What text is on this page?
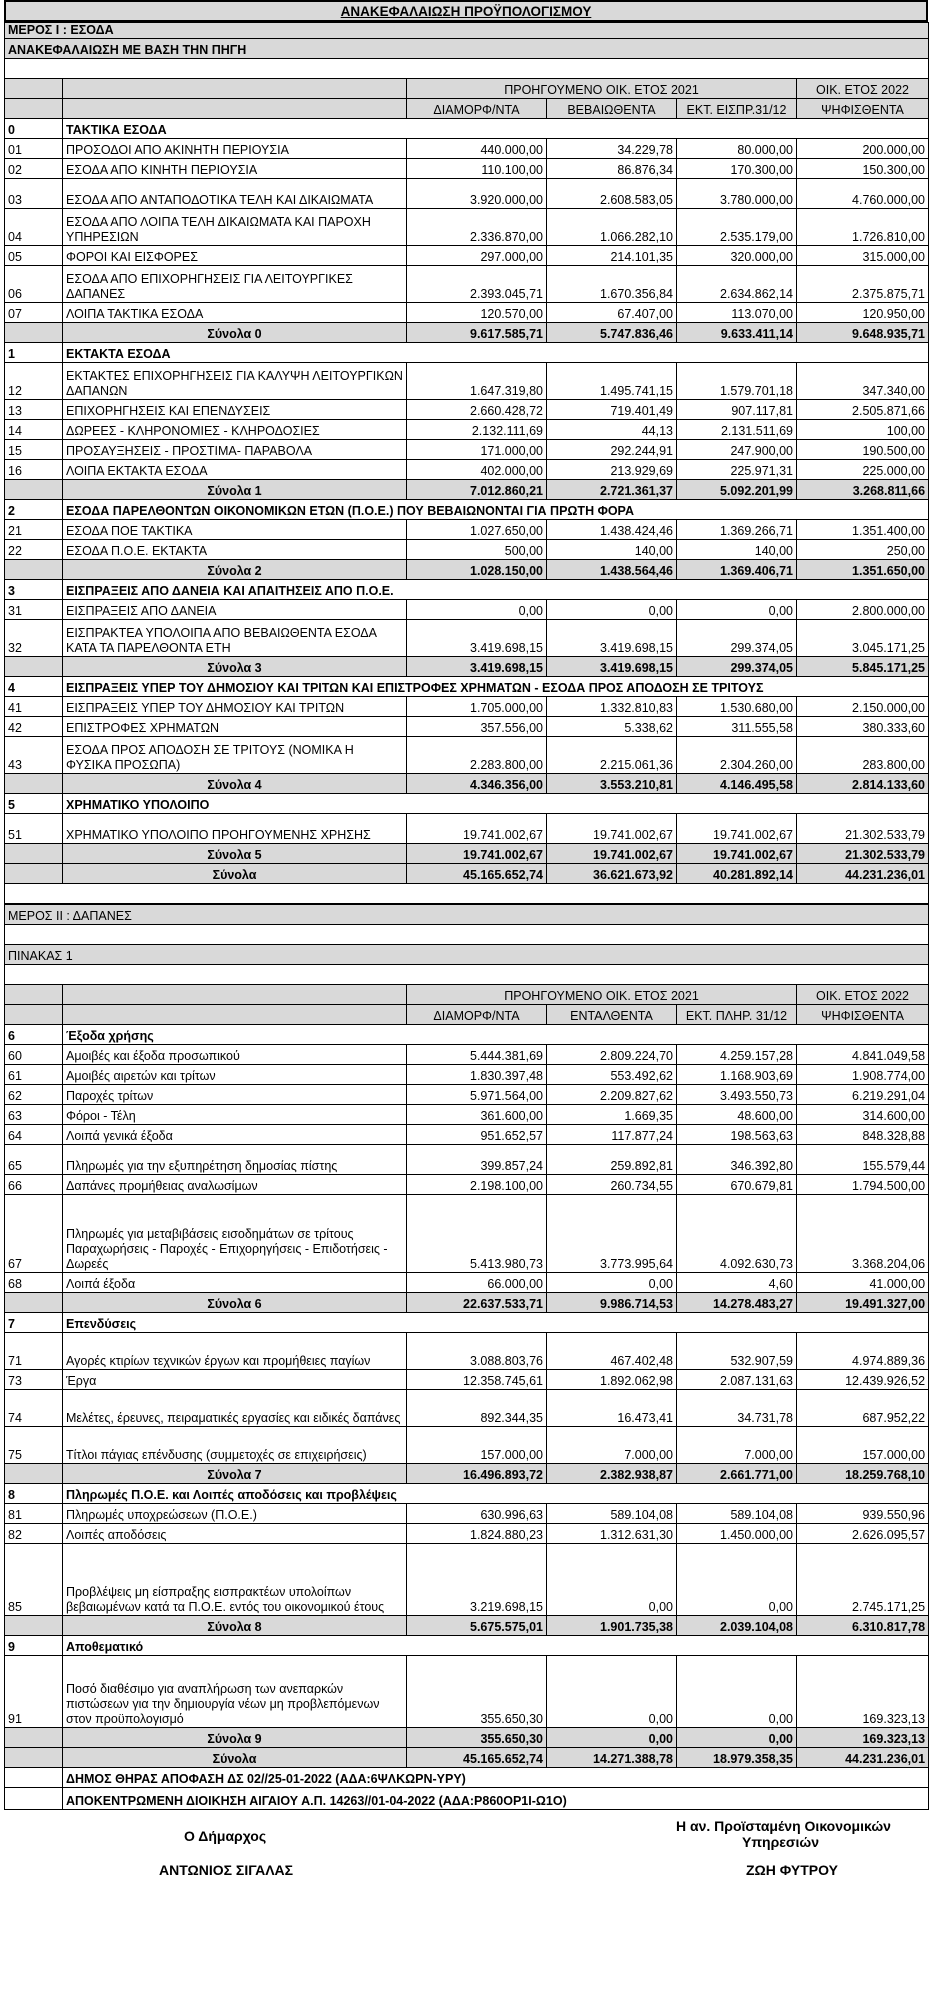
ΑΝΑΚΕΦΑΛΑΙΩΣΗ ΠΡΟΫΠΟΛΟΓΙΣΜΟΥ
ΜΕΡΟΣ Ι : ΕΣΟΔΑ					
ΑΝΑΚΕΦΑΛΑΙΩΣΗ ΜΕ ΒΑΣΗ ΤΗΝ ΠΗΓΗ					

		ΠΡΟΗΓΟΥΜΕΝΟ ΟΙΚ. ΕΤΟΣ 2021			ΟΙΚ. ΕΤΟΣ 2022
		ΔΙΑΜΟΡΦ/ΝΤΑ	ΒΕΒΑΙΩΘΕΝΤΑ	ΕΚΤ. ΕΙΣΠΡ.31/12	ΨΗΦΙΣΘΕΝΤΑ
0	ΤΑΚΤΙΚΑ ΕΣΟΔΑ				
01	ΠΡΟΣΟΔΟΙ ΑΠΟ ΑΚΙΝΗΤΗ ΠΕΡΙΟΥΣΙΑ	440.000,00	34.229,78	80.000,00	200.000,00
02	ΕΣΟΔΑ ΑΠΟ ΚΙΝΗΤΗ ΠΕΡΙΟΥΣΙΑ	110.100,00	86.876,34	170.300,00	150.300,00
03	ΕΣΟΔΑ ΑΠΟ ΑΝΤΑΠΟΔΟΤΙΚΑ ΤΕΛΗ ΚΑΙ ΔΙΚΑΙΩΜΑΤΑ	3.920.000,00	2.608.583,05	3.780.000,00	4.760.000,00
04	ΕΣΟΔΑ ΑΠΟ ΛΟΙΠΑ ΤΕΛΗ ΔΙΚΑΙΩΜΑΤΑ ΚΑΙ ΠΑΡΟΧΗ ΥΠΗΡΕΣΙΩΝ	2.336.870,00	1.066.282,10	2.535.179,00	1.726.810,00
05	ΦΟΡΟΙ ΚΑΙ ΕΙΣΦΟΡΕΣ	297.000,00	214.101,35	320.000,00	315.000,00
06	ΕΣΟΔΑ ΑΠΟ ΕΠΙΧΟΡΗΓΗΣΕΙΣ ΓΙΑ ΛΕΙΤΟΥΡΓΙΚΕΣ ΔΑΠΑΝΕΣ	2.393.045,71	1.670.356,84	2.634.862,14	2.375.875,71
07	ΛΟΙΠΑ ΤΑΚΤΙΚΑ ΕΣΟΔΑ	120.570,00	67.407,00	113.070,00	120.950,00
	Σύνολα 0	9.617.585,71	5.747.836,46	9.633.411,14	9.648.935,71
1	ΕΚΤΑΚΤΑ ΕΣΟΔΑ				
12	ΕΚΤΑΚΤΕΣ ΕΠΙΧΟΡΗΓΗΣΕΙΣ ΓΙΑ ΚΑΛΥΨΗ ΛΕΙΤΟΥΡΓΙΚΩΝ ΔΑΠΑΝΩΝ	1.647.319,80	1.495.741,15	1.579.701,18	347.340,00
13	ΕΠΙΧΟΡΗΓΗΣΕΙΣ ΚΑΙ ΕΠΕΝΔΥΣΕΙΣ	2.660.428,72	719.401,49	907.117,81	2.505.871,66
14	ΔΩΡΕΕΣ - ΚΛΗΡΟΝΟΜΙΕΣ - ΚΛΗΡΟΔΟΣΙΕΣ	2.132.111,69	44,13	2.131.511,69	100,00
15	ΠΡΟΣΑΥΞΗΣΕΙΣ - ΠΡΟΣΤΙΜΑ- ΠΑΡΑΒΟΛΑ	171.000,00	292.244,91	247.900,00	190.500,00
16	ΛΟΙΠΑ ΕΚΤΑΚΤΑ ΕΣΟΔΑ	402.000,00	213.929,69	225.971,31	225.000,00
	Σύνολα 1	7.012.860,21	2.721.361,37	5.092.201,99	3.268.811,66
2	ΕΣΟΔΑ ΠΑΡΕΛΘΟΝΤΩΝ ΟΙΚΟΝΟΜΙΚΩΝ ΕΤΩΝ (Π.Ο.Ε.) ΠΟΥ ΒΕΒΑΙΩΝΟΝΤΑΙ ΓΙΑ ΠΡΩΤΗ ΦΟΡΑ				
21	ΕΣΟΔΑ ΠΟΕ ΤΑΚΤΙΚΑ	1.027.650,00	1.438.424,46	1.369.266,71	1.351.400,00
22	ΕΣΟΔΑ Π.Ο.Ε. ΕΚΤΑΚΤΑ	500,00	140,00	140,00	250,00
	Σύνολα 2	1.028.150,00	1.438.564,46	1.369.406,71	1.351.650,00
3	ΕΙΣΠΡΑΞΕΙΣ ΑΠΟ ΔΑΝΕΙΑ ΚΑΙ ΑΠΑΙΤΗΣΕΙΣ ΑΠΟ Π.Ο.Ε.				
31	ΕΙΣΠΡΑΞΕΙΣ ΑΠΟ ΔΑΝΕΙΑ	0,00	0,00	0,00	2.800.000,00
32	ΕΙΣΠΡΑΚΤΕΑ ΥΠΟΛΟΙΠΑ ΑΠΟ ΒΕΒΑΙΩΘΕΝΤΑ ΕΣΟΔΑ ΚΑΤΑ ΤΑ ΠΑΡΕΛΘΟΝΤΑ ΕΤΗ	3.419.698,15	3.419.698,15	299.374,05	3.045.171,25
	Σύνολα 3	3.419.698,15	3.419.698,15	299.374,05	5.845.171,25
4	ΕΙΣΠΡΑΞΕΙΣ ΥΠΕΡ ΤΟΥ ΔΗΜΟΣΙΟΥ ΚΑΙ ΤΡΙΤΩΝ ΚΑΙ ΕΠΙΣΤΡΟΦΕΣ ΧΡΗΜΑΤΩΝ - ΕΣΟΔΑ ΠΡΟΣ ΑΠΟΔΟΣΗ ΣΕ ΤΡΙΤΟΥΣ				
41	ΕΙΣΠΡΑΞΕΙΣ ΥΠΕΡ ΤΟΥ ΔΗΜΟΣΙΟΥ ΚΑΙ ΤΡΙΤΩΝ	1.705.000,00	1.332.810,83	1.530.680,00	2.150.000,00
42	ΕΠΙΣΤΡΟΦΕΣ ΧΡΗΜΑΤΩΝ	357.556,00	5.338,62	311.555,58	380.333,60
43	ΕΣΟΔΑ ΠΡΟΣ ΑΠΟΔΟΣΗ ΣΕ ΤΡΙΤΟΥΣ (ΝΟΜΙΚΑ Η ΦΥΣΙΚΑ ΠΡΟΣΩΠΑ)	2.283.800,00	2.215.061,36	2.304.260,00	283.800,00
	Σύνολα 4	4.346.356,00	3.553.210,81	4.146.495,58	2.814.133,60
5	ΧΡΗΜΑΤΙΚΟ ΥΠΟΛΟΙΠΟ				
51	ΧΡΗΜΑΤΙΚΟ ΥΠΟΛΟΙΠΟ ΠΡΟΗΓΟΥΜΕΝΗΣ ΧΡΗΣΗΣ	19.741.002,67	19.741.002,67	19.741.002,67	21.302.533,79
	Σύνολα 5	19.741.002,67	19.741.002,67	19.741.002,67	21.302.533,79
	Σύνολα	45.165.652,74	36.621.673,92	40.281.892,14	44.231.236,01

ΜΕΡΟΣ ΙΙ : ΔΑΠΑΝΕΣ					

ΠΙΝΑΚΑΣ 1					

		ΠΡΟΗΓΟΥΜΕΝΟ ΟΙΚ. ΕΤΟΣ 2021			ΟΙΚ. ΕΤΟΣ 2022
		ΔΙΑΜΟΡΦ/ΝΤΑ	ΕΝΤΑΛΘΕΝΤΑ	ΕΚΤ. ΠΛΗΡ. 31/12	ΨΗΦΙΣΘΕΝΤΑ
6	Έξοδα χρήσης				
60	Αμοιβές και έξοδα προσωπικού	5.444.381,69	2.809.224,70	4.259.157,28	4.841.049,58
61	Αμοιβές αιρετών και τρίτων	1.830.397,48	553.492,62	1.168.903,69	1.908.774,00
62	Παροχές τρίτων	5.971.564,00	2.209.827,62	3.493.550,73	6.219.291,04
63	Φόροι - Τέλη	361.600,00	1.669,35	48.600,00	314.600,00
64	Λοιπά γενικά έξοδα	951.652,57	117.877,24	198.563,63	848.328,88
65	Πληρωμές για την εξυπηρέτηση δημοσίας πίστης	399.857,24	259.892,81	346.392,80	155.579,44
66	Δαπάνες προμήθειας αναλωσίμων	2.198.100,00	260.734,55	670.679,81	1.794.500,00
67	Πληρωμές για μεταβιβάσεις εισοδημάτων σε τρίτους Παραχωρήσεις - Παροχές - Επιχορηγήσεις - Επιδοτήσεις - Δωρεές	5.413.980,73	3.773.995,64	4.092.630,73	3.368.204,06
68	Λοιπά έξοδα	66.000,00	0,00	4,60	41.000,00
	Σύνολα 6	22.637.533,71	9.986.714,53	14.278.483,27	19.491.327,00
7	Επενδύσεις				
71	Αγορές κτιρίων τεχνικών έργων και προμήθειες παγίων	3.088.803,76	467.402,48	532.907,59	4.974.889,36
73	Έργα	12.358.745,61	1.892.062,98	2.087.131,63	12.439.926,52
74	Μελέτες, έρευνες, πειραματικές εργασίες και ειδικές δαπάνες	892.344,35	16.473,41	34.731,78	687.952,22
75	Τίτλοι πάγιας επένδυσης (συμμετοχές σε επιχειρήσεις)	157.000,00	7.000,00	7.000,00	157.000,00
	Σύνολα 7	16.496.893,72	2.382.938,87	2.661.771,00	18.259.768,10
8	Πληρωμές Π.Ο.Ε. και Λοιπές αποδόσεις και προβλέψεις				
81	Πληρωμές υποχρεώσεων (Π.Ο.Ε.)	630.996,63	589.104,08	589.104,08	939.550,96
82	Λοιπές αποδόσεις	1.824.880,23	1.312.631,30	1.450.000,00	2.626.095,57
85	Προβλέψεις μη είσπραξης εισπρακτέων υπολοίπων βεβαιωμένων κατά τα Π.Ο.Ε. εντός του οικονομικού έτους	3.219.698,15	0,00	0,00	2.745.171,25
	Σύνολα 8	5.675.575,01	1.901.735,38	2.039.104,08	6.310.817,78
9	Αποθεματικό				
91	Ποσό διαθέσιμο για αναπλήρωση των ανεπαρκών πιστώσεων για την δημιουργία νέων μη προβλεπόμενων στον προϋπολογισμό	355.650,30	0,00	0,00	169.323,13
	Σύνολα 9	355.650,30	0,00	0,00	169.323,13
	Σύνολα	45.165.652,74	14.271.388,78	18.979.358,35	44.231.236,01
	ΔΗΜΟΣ ΘΗΡΑΣ ΑΠΟΦΑΣΗ ΔΣ 02//25-01-2022 (ΑΔΑ:6ΨΛΚΩΡΝ-ΥΡΥ)				
	ΑΠΟΚΕΝΤΡΩΜΕΝΗ ΔΙΟΙΚΗΣΗ ΑΙΓΑΙΟΥ Α.Π. 14263//01-04-2022 (ΑΔΑ:Ρ860ΟΡ1Ι-Ω1Ο)				
Ο Δήμαρχος
ΑΝΤΩΝΙΟΣ ΣΙΓΑΛΑΣ
Η αν. Προϊσταμένη Οικονομικών
Υπηρεσιών
ΖΩΗ ΦΥΤΡΟΥ
